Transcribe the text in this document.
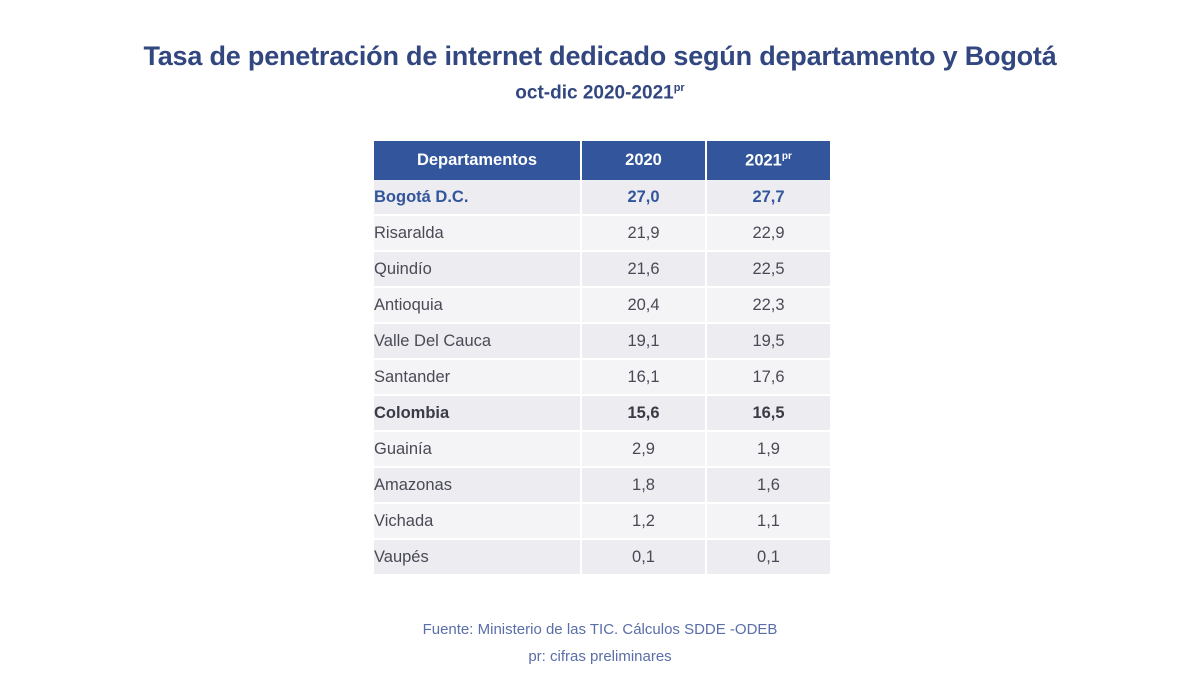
Tasa de penetración de internet dedicado según departamento y Bogotá
oct-dic $2020-2021^{pr}$
Departamentos	2020	$2021^{pr}$
Bogotá D.C.	27,0	27,7
Risaralda	21,9	22,9
Quindío	21,6	22,5
Antioquia	20,4	22,3
Valle Del Cauca	19,1	19,5
Santander	16,1	17,6
Colombia	15,6	16,5
Guainía	2,9	1,9
Amazonas	1,8	1,6
Vichada	1,2	1,1
Vaupés	0,1	0,1
Fuente: Ministerio de las TIC. Cálculos SDDE -ODEB
pr: cifras preliminares
